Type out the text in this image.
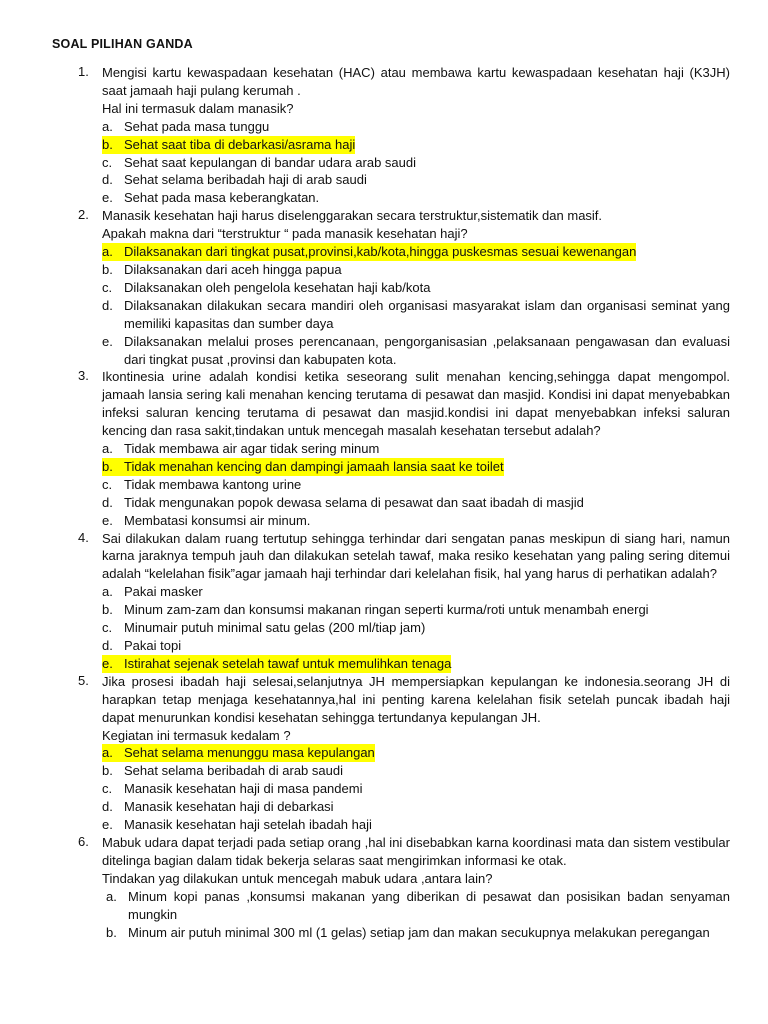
SOAL PILIHAN GANDA
1.	Mengisi kartu kewaspadaan kesehatan (HAC) atau membawa kartu kewaspadaan kesehatan haji (K3JH) saat jamaah haji pulang kerumah .
Hal ini termasuk dalam manasik?
a. Sehat pada masa tunggu
b. Sehat saat tiba di debarkasi/asrama haji
c. Sehat saat kepulangan di bandar udara arab saudi
d. Sehat selama beribadah haji di arab saudi
e. Sehat pada masa keberangkatan.
2.	Manasik kesehatan haji harus diselenggarakan secara terstruktur,sistematik dan masif.
Apakah makna dari “terstruktur “ pada manasik kesehatan haji?
a. Dilaksanakan dari tingkat pusat,provinsi,kab/kota,hingga puskesmas sesuai kewenangan
b. Dilaksanakan dari aceh hingga papua
c. Dilaksanakan oleh pengelola kesehatan haji kab/kota
d. Dilaksanakan dilakukan secara mandiri oleh organisasi masyarakat islam dan organisasi seminat yang memiliki kapasitas dan sumber daya
e. Dilaksanakan melalui proses perencanaan, pengorganisasian ,pelaksanaan pengawasan dan evaluasi dari tingkat pusat ,provinsi dan kabupaten kota.
3.	Ikontinesia urine adalah kondisi ketika seseorang sulit menahan kencing,sehingga dapat mengompol. jamaah lansia sering kali menahan kencing terutama di pesawat dan masjid. Kondisi ini dapat menyebabkan infeksi saluran kencing terutama di pesawat dan masjid.kondisi ini dapat menyebabkan infeksi saluran kencing dan rasa sakit,tindakan untuk mencegah masalah kesehatan tersebut adalah?
a. Tidak membawa air agar tidak sering minum
b. Tidak menahan kencing dan dampingi jamaah lansia saat ke toilet
c. Tidak membawa kantong urine
d. Tidak mengunakan popok dewasa selama di pesawat dan saat ibadah di masjid
e. Membatasi konsumsi air minum.
4.	Sai dilakukan dalam ruang tertutup sehingga terhindar dari sengatan panas meskipun di siang hari, namun karna jaraknya tempuh jauh dan dilakukan setelah tawaf, maka resiko kesehatan yang paling sering ditemui adalah “kelelahan fisik”agar jamaah haji terhindar dari kelelahan fisik, hal yang harus di perhatikan adalah?
a. Pakai masker
b. Minum zam-zam dan konsumsi makanan ringan seperti kurma/roti untuk menambah energi
c. Minumair putuh minimal satu gelas (200 ml/tiap jam)
d. Pakai topi
e. Istirahat sejenak setelah tawaf untuk memulihkan tenaga
5.	Jika prosesi ibadah haji selesai,selanjutnya JH mempersiapkan kepulangan ke indonesia.seorang JH di harapkan tetap menjaga kesehatannya,hal ini penting karena kelelahan fisik setelah puncak ibadah haji dapat menurunkan kondisi kesehatan sehingga tertundanya kepulangan JH.
Kegiatan ini termasuk kedalam ?
a. Sehat selama menunggu masa kepulangan
b. Sehat selama beribadah di arab saudi
c. Manasik kesehatan haji di masa pandemi
d. Manasik kesehatan haji di debarkasi
e. Manasik kesehatan haji setelah ibadah haji
6.	Mabuk udara dapat terjadi pada setiap orang ,hal ini disebabkan karna koordinasi mata dan sistem vestibular ditelinga bagian dalam tidak bekerja selaras saat mengirimkan informasi ke otak.
Tindakan yag dilakukan untuk mencegah mabuk udara ,antara lain?
a. Minum kopi panas ,konsumsi makanan yang diberikan di pesawat dan posisikan badan senyaman mungkin
b. Minum air putuh minimal 300 ml (1 gelas) setiap jam dan makan secukupnya melakukan peregangan
